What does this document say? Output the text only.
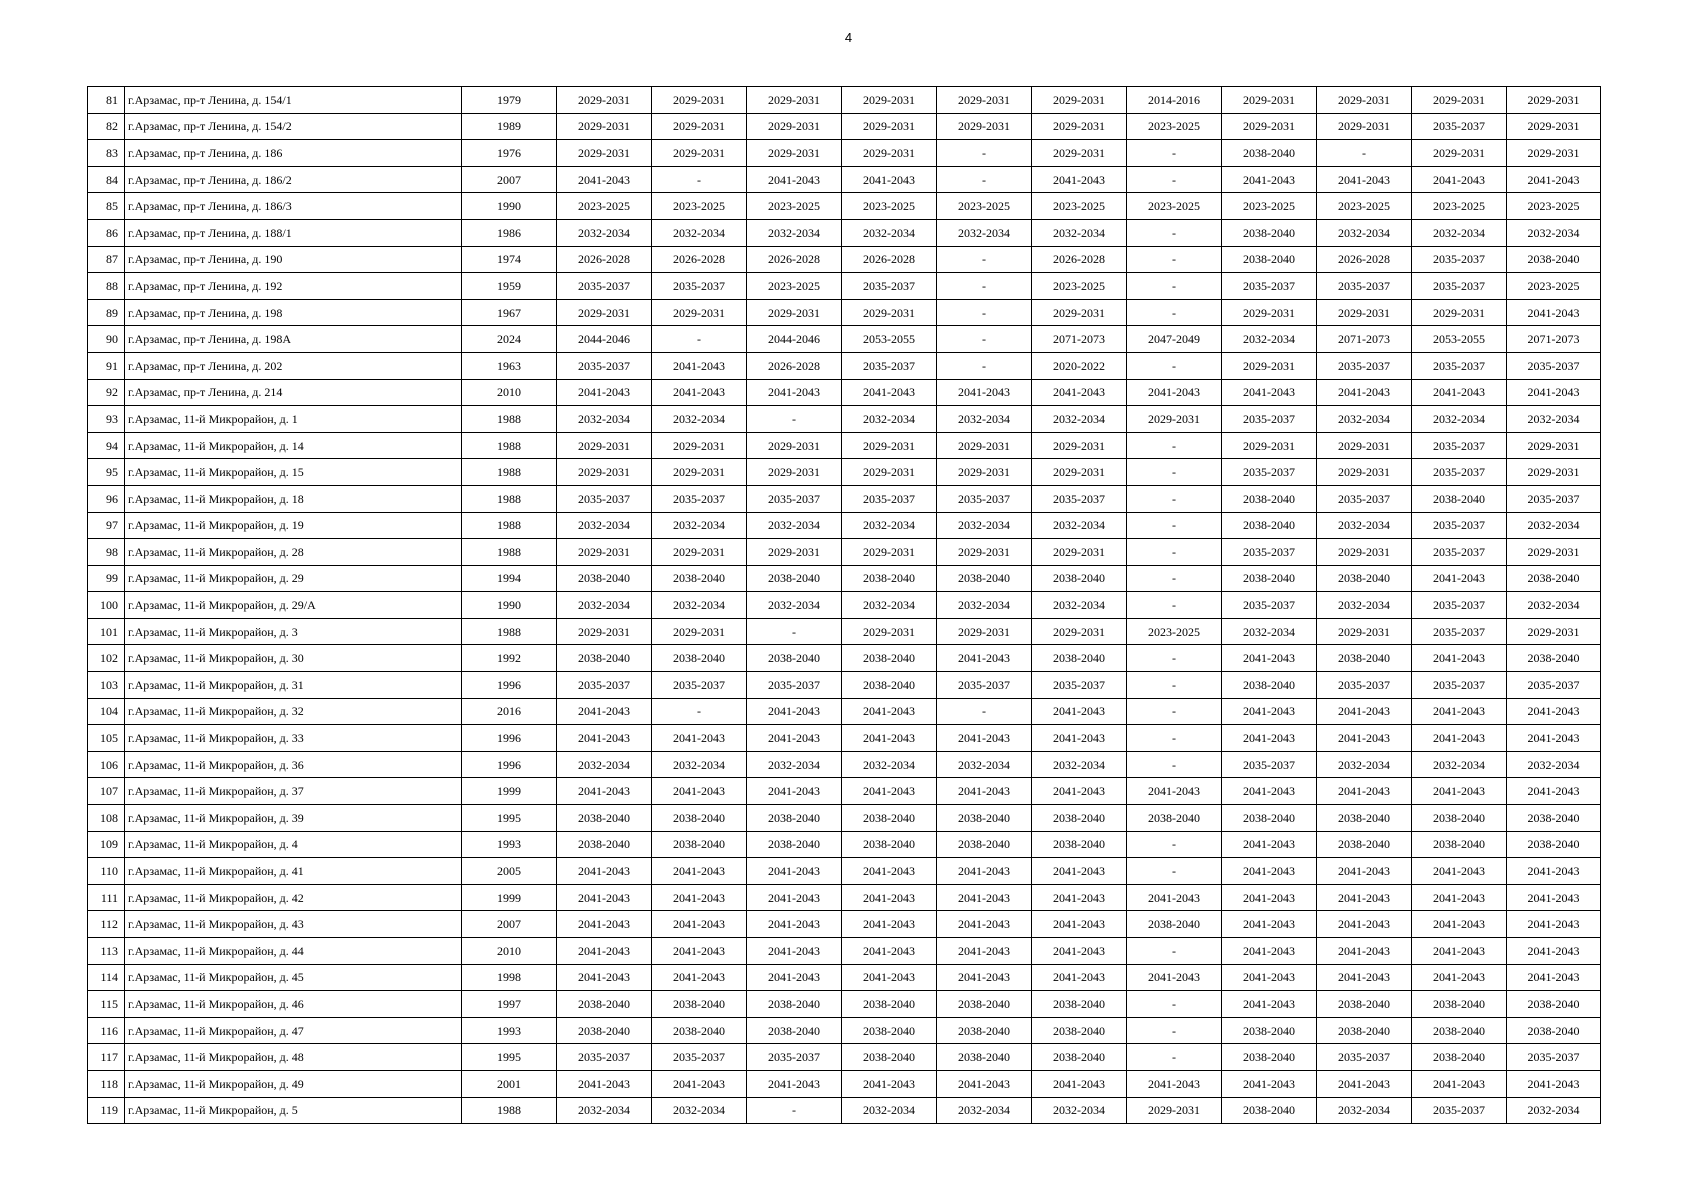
4
81	г.Арзамас, пр-т Ленина, д. 154/1	1979	2029-2031	2029-2031	2029-2031	2029-2031	2029-2031	2029-2031	2014-2016	2029-2031	2029-2031	2029-2031	2029-2031
82	г.Арзамас, пр-т Ленина, д. 154/2	1989	2029-2031	2029-2031	2029-2031	2029-2031	2029-2031	2029-2031	2023-2025	2029-2031	2029-2031	2035-2037	2029-2031
83	г.Арзамас, пр-т Ленина, д. 186	1976	2029-2031	2029-2031	2029-2031	2029-2031	-	2029-2031	-	2038-2040	-	2029-2031	2029-2031
84	г.Арзамас, пр-т Ленина, д. 186/2	2007	2041-2043	-	2041-2043	2041-2043	-	2041-2043	-	2041-2043	2041-2043	2041-2043	2041-2043
85	г.Арзамас, пр-т Ленина, д. 186/3	1990	2023-2025	2023-2025	2023-2025	2023-2025	2023-2025	2023-2025	2023-2025	2023-2025	2023-2025	2023-2025	2023-2025
86	г.Арзамас, пр-т Ленина, д. 188/1	1986	2032-2034	2032-2034	2032-2034	2032-2034	2032-2034	2032-2034	-	2038-2040	2032-2034	2032-2034	2032-2034
87	г.Арзамас, пр-т Ленина, д. 190	1974	2026-2028	2026-2028	2026-2028	2026-2028	-	2026-2028	-	2038-2040	2026-2028	2035-2037	2038-2040
88	г.Арзамас, пр-т Ленина, д. 192	1959	2035-2037	2035-2037	2023-2025	2035-2037	-	2023-2025	-	2035-2037	2035-2037	2035-2037	2023-2025
89	г.Арзамас, пр-т Ленина, д. 198	1967	2029-2031	2029-2031	2029-2031	2029-2031	-	2029-2031	-	2029-2031	2029-2031	2029-2031	2041-2043
90	г.Арзамас, пр-т Ленина, д. 198А	2024	2044-2046	-	2044-2046	2053-2055	-	2071-2073	2047-2049	2032-2034	2071-2073	2053-2055	2071-2073
91	г.Арзамас, пр-т Ленина, д. 202	1963	2035-2037	2041-2043	2026-2028	2035-2037	-	2020-2022	-	2029-2031	2035-2037	2035-2037	2035-2037
92	г.Арзамас, пр-т Ленина, д. 214	2010	2041-2043	2041-2043	2041-2043	2041-2043	2041-2043	2041-2043	2041-2043	2041-2043	2041-2043	2041-2043	2041-2043
93	г.Арзамас, 11-й Микрорайон, д. 1	1988	2032-2034	2032-2034	-	2032-2034	2032-2034	2032-2034	2029-2031	2035-2037	2032-2034	2032-2034	2032-2034
94	г.Арзамас, 11-й Микрорайон, д. 14	1988	2029-2031	2029-2031	2029-2031	2029-2031	2029-2031	2029-2031	-	2029-2031	2029-2031	2035-2037	2029-2031
95	г.Арзамас, 11-й Микрорайон, д. 15	1988	2029-2031	2029-2031	2029-2031	2029-2031	2029-2031	2029-2031	-	2035-2037	2029-2031	2035-2037	2029-2031
96	г.Арзамас, 11-й Микрорайон, д. 18	1988	2035-2037	2035-2037	2035-2037	2035-2037	2035-2037	2035-2037	-	2038-2040	2035-2037	2038-2040	2035-2037
97	г.Арзамас, 11-й Микрорайон, д. 19	1988	2032-2034	2032-2034	2032-2034	2032-2034	2032-2034	2032-2034	-	2038-2040	2032-2034	2035-2037	2032-2034
98	г.Арзамас, 11-й Микрорайон, д. 28	1988	2029-2031	2029-2031	2029-2031	2029-2031	2029-2031	2029-2031	-	2035-2037	2029-2031	2035-2037	2029-2031
99	г.Арзамас, 11-й Микрорайон, д. 29	1994	2038-2040	2038-2040	2038-2040	2038-2040	2038-2040	2038-2040	-	2038-2040	2038-2040	2041-2043	2038-2040
100	г.Арзамас, 11-й Микрорайон, д. 29/А	1990	2032-2034	2032-2034	2032-2034	2032-2034	2032-2034	2032-2034	-	2035-2037	2032-2034	2035-2037	2032-2034
101	г.Арзамас, 11-й Микрорайон, д. 3	1988	2029-2031	2029-2031	-	2029-2031	2029-2031	2029-2031	2023-2025	2032-2034	2029-2031	2035-2037	2029-2031
102	г.Арзамас, 11-й Микрорайон, д. 30	1992	2038-2040	2038-2040	2038-2040	2038-2040	2041-2043	2038-2040	-	2041-2043	2038-2040	2041-2043	2038-2040
103	г.Арзамас, 11-й Микрорайон, д. 31	1996	2035-2037	2035-2037	2035-2037	2038-2040	2035-2037	2035-2037	-	2038-2040	2035-2037	2035-2037	2035-2037
104	г.Арзамас, 11-й Микрорайон, д. 32	2016	2041-2043	-	2041-2043	2041-2043	-	2041-2043	-	2041-2043	2041-2043	2041-2043	2041-2043
105	г.Арзамас, 11-й Микрорайон, д. 33	1996	2041-2043	2041-2043	2041-2043	2041-2043	2041-2043	2041-2043	-	2041-2043	2041-2043	2041-2043	2041-2043
106	г.Арзамас, 11-й Микрорайон, д. 36	1996	2032-2034	2032-2034	2032-2034	2032-2034	2032-2034	2032-2034	-	2035-2037	2032-2034	2032-2034	2032-2034
107	г.Арзамас, 11-й Микрорайон, д. 37	1999	2041-2043	2041-2043	2041-2043	2041-2043	2041-2043	2041-2043	2041-2043	2041-2043	2041-2043	2041-2043	2041-2043
108	г.Арзамас, 11-й Микрорайон, д. 39	1995	2038-2040	2038-2040	2038-2040	2038-2040	2038-2040	2038-2040	2038-2040	2038-2040	2038-2040	2038-2040	2038-2040
109	г.Арзамас, 11-й Микрорайон, д. 4	1993	2038-2040	2038-2040	2038-2040	2038-2040	2038-2040	2038-2040	-	2041-2043	2038-2040	2038-2040	2038-2040
110	г.Арзамас, 11-й Микрорайон, д. 41	2005	2041-2043	2041-2043	2041-2043	2041-2043	2041-2043	2041-2043	-	2041-2043	2041-2043	2041-2043	2041-2043
111	г.Арзамас, 11-й Микрорайон, д. 42	1999	2041-2043	2041-2043	2041-2043	2041-2043	2041-2043	2041-2043	2041-2043	2041-2043	2041-2043	2041-2043	2041-2043
112	г.Арзамас, 11-й Микрорайон, д. 43	2007	2041-2043	2041-2043	2041-2043	2041-2043	2041-2043	2041-2043	2038-2040	2041-2043	2041-2043	2041-2043	2041-2043
113	г.Арзамас, 11-й Микрорайон, д. 44	2010	2041-2043	2041-2043	2041-2043	2041-2043	2041-2043	2041-2043	-	2041-2043	2041-2043	2041-2043	2041-2043
114	г.Арзамас, 11-й Микрорайон, д. 45	1998	2041-2043	2041-2043	2041-2043	2041-2043	2041-2043	2041-2043	2041-2043	2041-2043	2041-2043	2041-2043	2041-2043
115	г.Арзамас, 11-й Микрорайон, д. 46	1997	2038-2040	2038-2040	2038-2040	2038-2040	2038-2040	2038-2040	-	2041-2043	2038-2040	2038-2040	2038-2040
116	г.Арзамас, 11-й Микрорайон, д. 47	1993	2038-2040	2038-2040	2038-2040	2038-2040	2038-2040	2038-2040	-	2038-2040	2038-2040	2038-2040	2038-2040
117	г.Арзамас, 11-й Микрорайон, д. 48	1995	2035-2037	2035-2037	2035-2037	2038-2040	2038-2040	2038-2040	-	2038-2040	2035-2037	2038-2040	2035-2037
118	г.Арзамас, 11-й Микрорайон, д. 49	2001	2041-2043	2041-2043	2041-2043	2041-2043	2041-2043	2041-2043	2041-2043	2041-2043	2041-2043	2041-2043	2041-2043
119	г.Арзамас, 11-й Микрорайон, д. 5	1988	2032-2034	2032-2034	-	2032-2034	2032-2034	2032-2034	2029-2031	2038-2040	2032-2034	2035-2037	2032-2034
